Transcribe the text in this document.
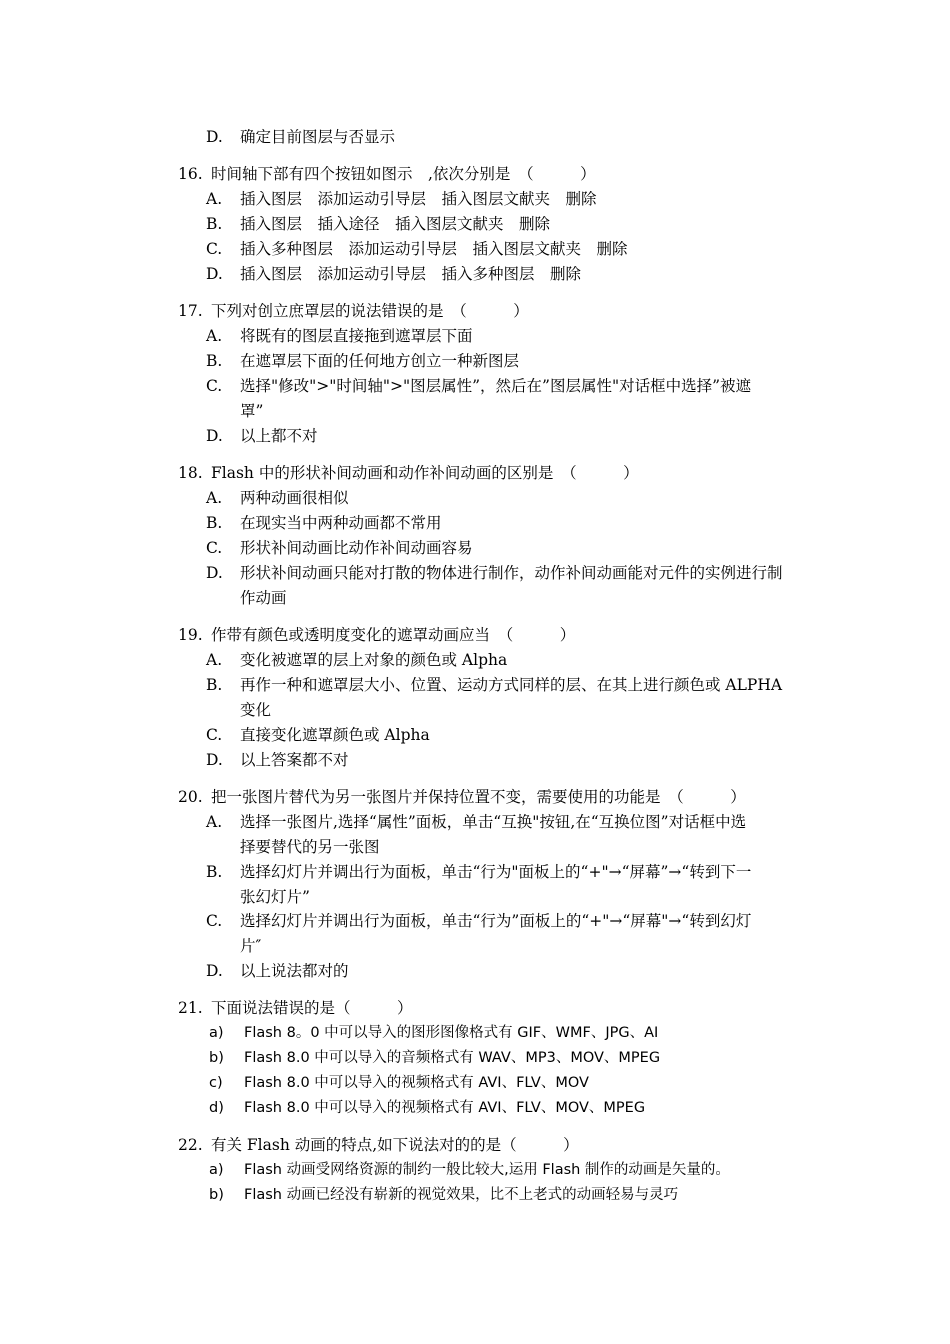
D. 确定目前图层与否显示
16. 时间轴下部有四个按钮如图示　,依次分别是　（　　　）
A. 插入图层　添加运动引导层　插入图层文献夹　删除
B. 插入图层　插入途径　插入图层文献夹　删除
C. 插入多种图层　添加运动引导层　插入图层文献夹　删除
D. 插入图层　添加运动引导层　插入多种图层　删除
17. 下列对创立庶罩层的说法错误的是　（　　　）
A. 将既有的图层直接拖到遮罩层下面
B. 在遮罩层下面的任何地方创立一种新图层
C. 选择"修改">"时间轴">"图层属性”，然后在”图层属性"对话框中选择”被遮
罩”
D. 以上都不对
18. Flash 中的形状补间动画和动作补间动画的区别是　（　　　）
A. 两种动画很相似
B. 在现实当中两种动画都不常用
C. 形状补间动画比动作补间动画容易
D. 形状补间动画只能对打散的物体进行制作，动作补间动画能对元件的实例进行制
作动画
19. 作带有颜色或透明度变化的遮罩动画应当　（　　　）
A. 变化被遮罩的层上对象的颜色或 Alpha
B. 再作一种和遮罩层大小、位置、运动方式同样的层、在其上进行颜色或 ALPHA
变化
C. 直接变化遮罩颜色或 Alpha
D. 以上答案都不对
20. 把一张图片替代为另一张图片并保持位置不变，需要使用的功能是　（　　　）
A. 选择一张图片,选择“属性”面板，单击“互换"按钮,在“互换位图”对话框中选
择要替代的另一张图
B. 选择幻灯片并调出行为面板，单击“行为"面板上的“+"→“屏幕”→“转到下一
张幻灯片”
C. 选择幻灯片并调出行为面板，单击“行为”面板上的“+"→“屏幕"→“转到幻灯
片″
D. 以上说法都对的
21. 下面说法错误的是（　　　）
a) Flash 8。0 中可以导入的图形图像格式有 GIF、WMF、JPG、AI
b) Flash 8.0 中可以导入的音频格式有 WAV、MP3、MOV、MPEG
c) Flash 8.0 中可以导入的视频格式有 AVI、FLV、MOV
d) Flash 8.0 中可以导入的视频格式有 AVI、FLV、MOV、MPEG
22. 有关 Flash 动画的特点,如下说法对的的是（　　　）
a) Flash 动画受网络资源的制约一般比较大,运用 Flash 制作的动画是矢量的。
b) Flash 动画已经没有崭新的视觉效果，比不上老式的动画轻易与灵巧
